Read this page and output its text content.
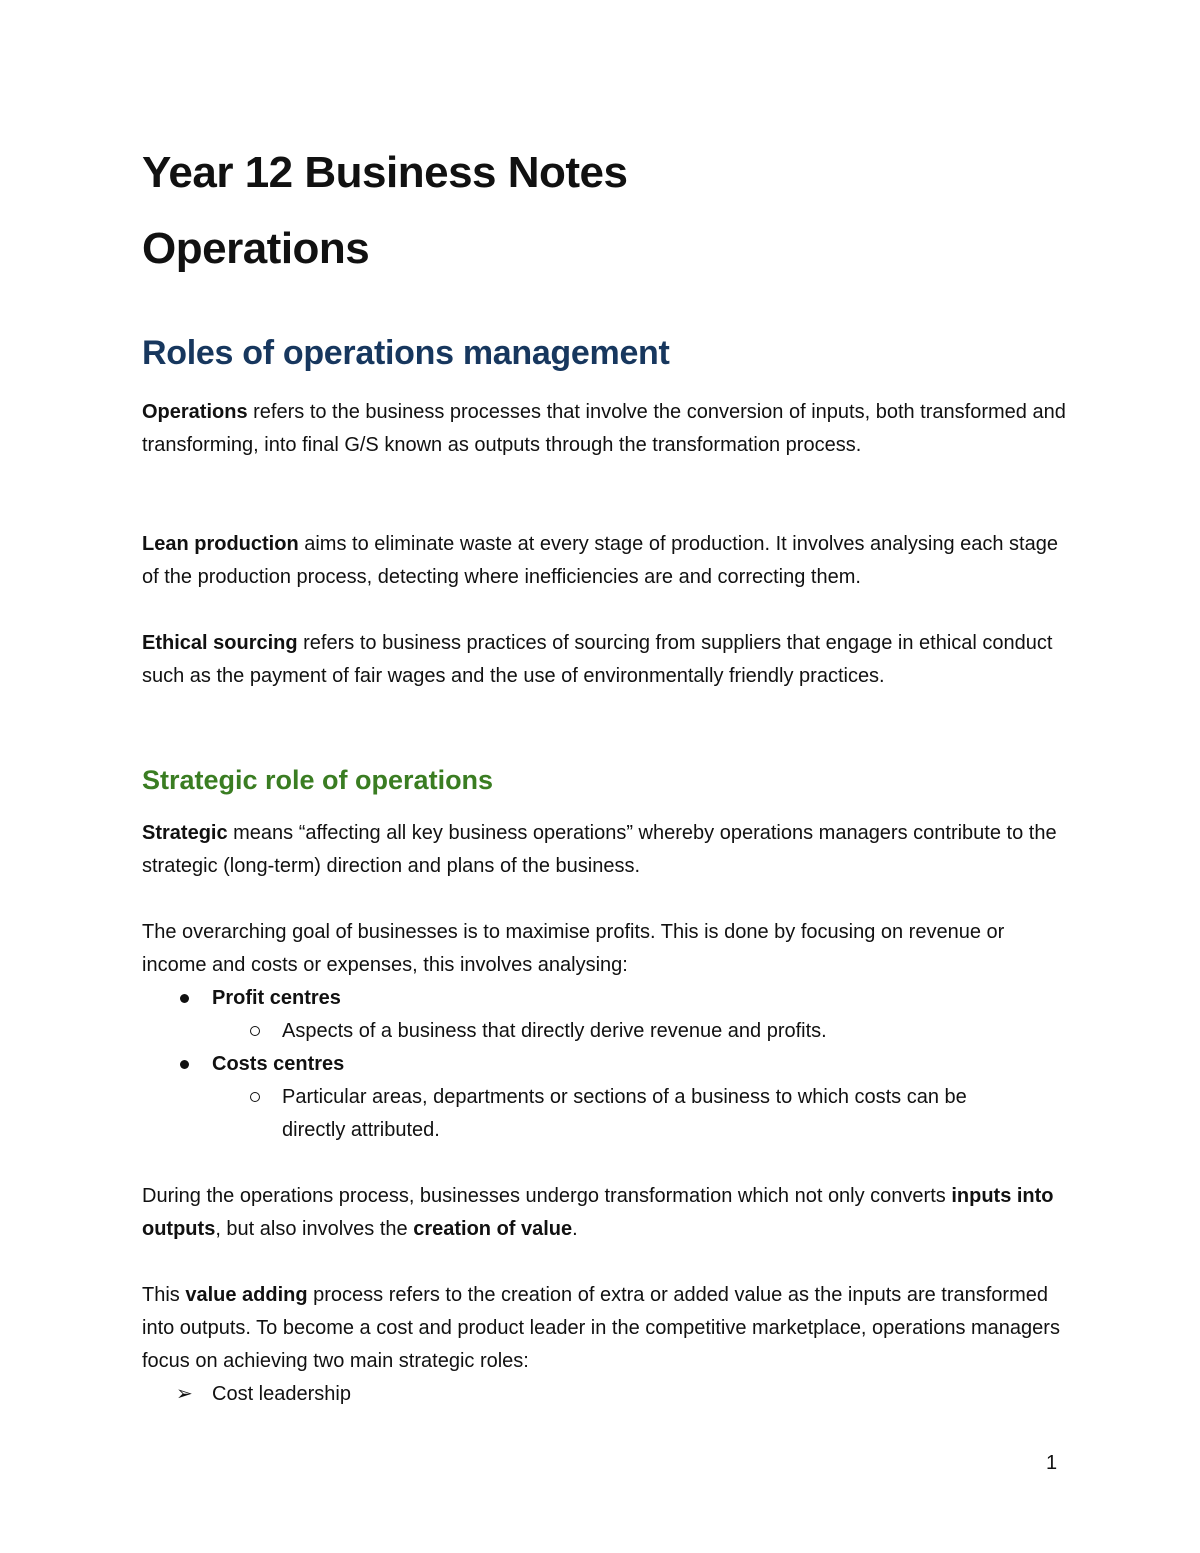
Year 12 Business Notes
Operations
Roles of operations management
Operations refers to the business processes that involve the conversion of inputs, both transformed and transforming, into final G/S known as outputs through the transformation process.
Lean production aims to eliminate waste at every stage of production. It involves analysing each stage of the production process, detecting where inefficiencies are and correcting them.
Ethical sourcing refers to business practices of sourcing from suppliers that engage in ethical conduct such as the payment of fair wages and the use of environmentally friendly practices.
Strategic role of operations
Strategic means “affecting all key business operations” whereby operations managers contribute to the strategic (long-term) direction and plans of the business.
The overarching goal of businesses is to maximise profits. This is done by focusing on revenue or income and costs or expenses, this involves analysing:
Profit centres
Aspects of a business that directly derive revenue and profits.
Costs centres
Particular areas, departments or sections of a business to which costs can be
directly attributed.
During the operations process, businesses undergo transformation which not only converts inputs into outputs, but also involves the creation of value.
This value adding process refers to the creation of extra or added value as the inputs are transformed into outputs. To become a cost and product leader in the competitive marketplace, operations managers focus on achieving two main strategic roles:
➢ Cost leadership
1
